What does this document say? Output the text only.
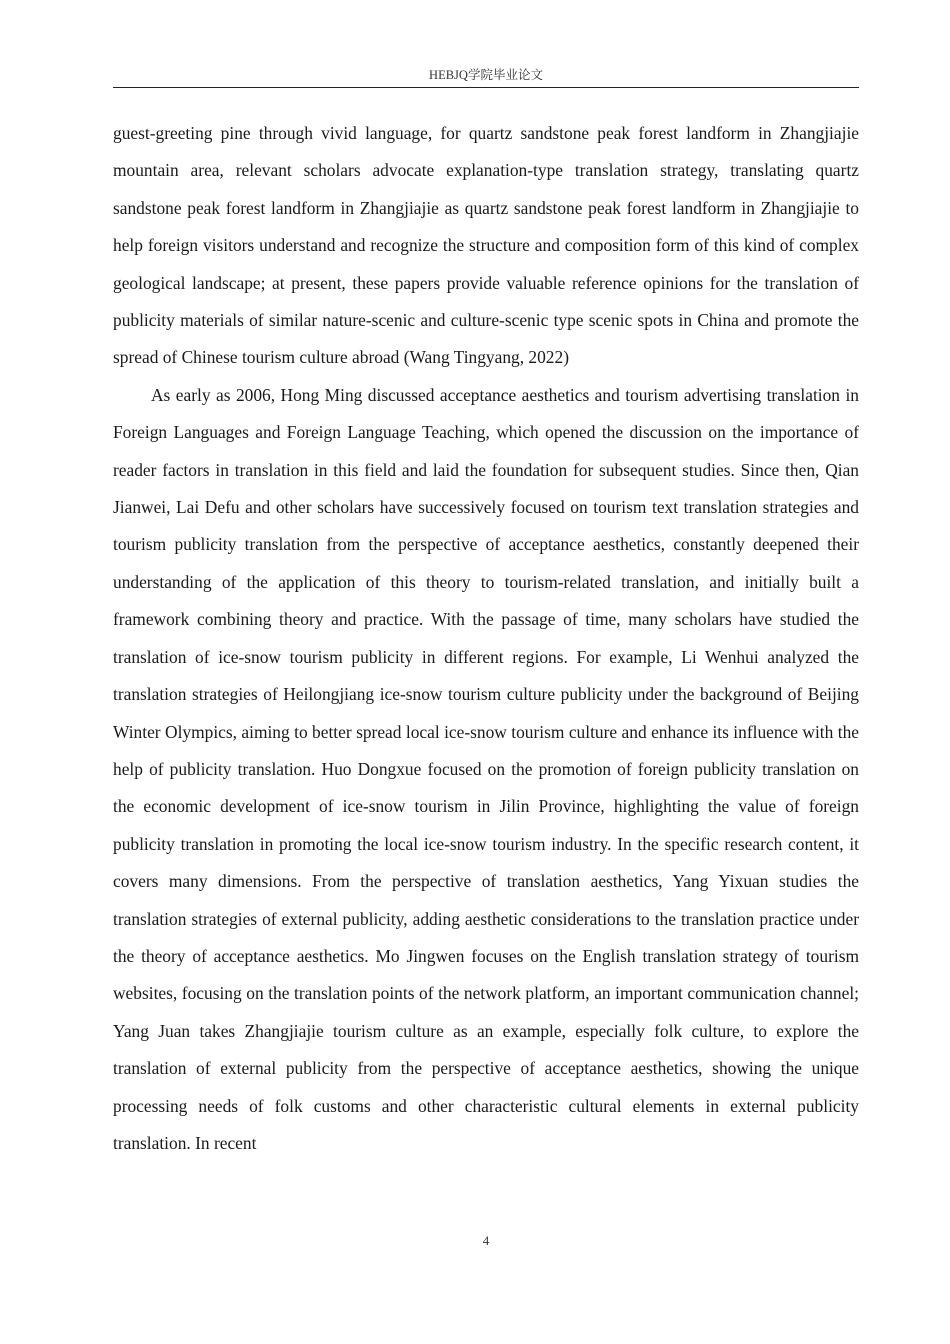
HEBJQ学院毕业论文

guest-greeting pine through vivid language, for quartz sandstone peak forest landform in Zhangjiajie mountain area, relevant scholars advocate explanation-type translation strategy, translating quartz sandstone peak forest landform in Zhangjiajie as quartz sandstone peak forest landform in Zhangjiajie to help foreign visitors understand and recognize the structure and composition form of this kind of complex geological landscape; at present, these papers provide valuable reference opinions for the translation of publicity materials of similar nature-scenic and culture-scenic type scenic spots in China and promote the spread of Chinese tourism culture abroad (Wang Tingyang, 2022)

As early as 2006, Hong Ming discussed acceptance aesthetics and tourism advertising translation in Foreign Languages and Foreign Language Teaching, which opened the discussion on the importance of reader factors in translation in this field and laid the foundation for subsequent studies. Since then, Qian Jianwei, Lai Defu and other scholars have successively focused on tourism text translation strategies and tourism publicity translation from the perspective of acceptance aesthetics, constantly deepened their understanding of the application of this theory to tourism-related translation, and initially built a framework combining theory and practice. With the passage of time, many scholars have studied the translation of ice-snow tourism publicity in different regions. For example, Li Wenhui analyzed the translation strategies of Heilongjiang ice-snow tourism culture publicity under the background of Beijing Winter Olympics, aiming to better spread local ice-snow tourism culture and enhance its influence with the help of publicity translation. Huo Dongxue focused on the promotion of foreign publicity translation on the economic development of ice-snow tourism in Jilin Province, highlighting the value of foreign publicity translation in promoting the local ice-snow tourism industry. In the specific research content, it covers many dimensions. From the perspective of translation aesthetics, Yang Yixuan studies the translation strategies of external publicity, adding aesthetic considerations to the translation practice under the theory of acceptance aesthetics. Mo Jingwen focuses on the English translation strategy of tourism websites, focusing on the translation points of the network platform, an important communication channel; Yang Juan takes Zhangjiajie tourism culture as an example, especially folk culture, to explore the translation of external publicity from the perspective of acceptance aesthetics, showing the unique processing needs of folk customs and other characteristic cultural elements in external publicity translation. In recent

4
